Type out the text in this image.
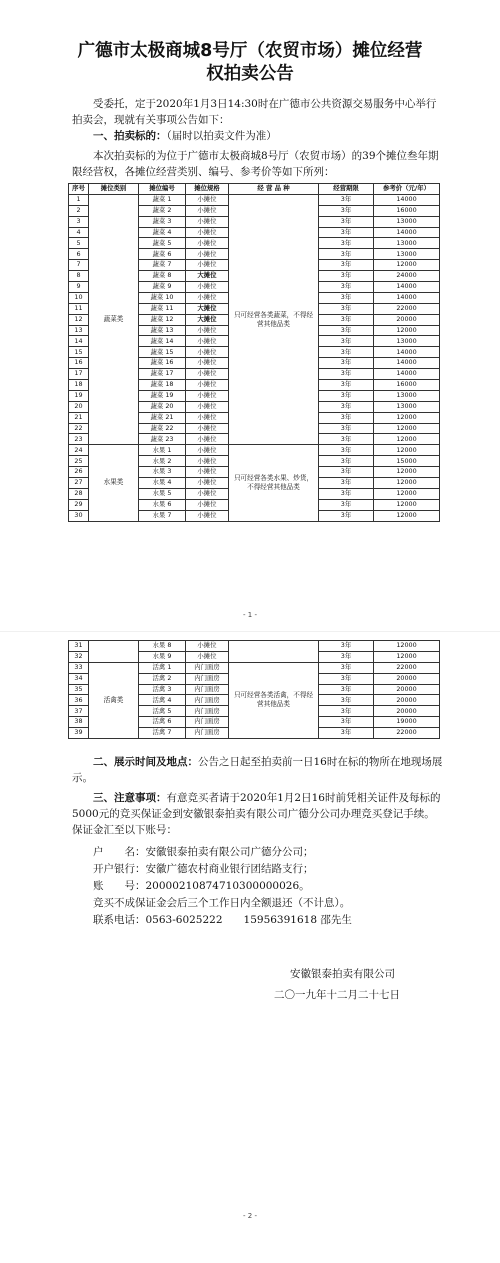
广德市太极商城8号厅（农贸市场）摊位经营
权拍卖公告

受委托，定于2020年1月3日14:30时在广德市公共资源交易服务中心举行拍卖会，现就有关事项公告如下：

一、拍卖标的：（届时以拍卖文件为准）

本次拍卖标的为位于广德市太极商城8号厅（农贸市场）的39个摊位叁年期限经营权，各摊位经营类别、编号、参考价等如下所列：

序号	摊位类别	摊位编号	摊位规格	经 营 品 种	经营期限	参考价（元/年）
1	蔬菜类	蔬菜 1	小摊位	只可经营各类蔬菜，不得经营其他品类	3年	14000
2		蔬菜 2	小摊位		3年	16000
3		蔬菜 3	小摊位		3年	13000
4		蔬菜 4	小摊位		3年	14000
5		蔬菜 5	小摊位		3年	13000
6		蔬菜 6	小摊位		3年	13000
7		蔬菜 7	小摊位		3年	12000
8		蔬菜 8	大摊位		3年	24000
9		蔬菜 9	小摊位		3年	14000
10		蔬菜 10	小摊位		3年	14000
11		蔬菜 11	大摊位		3年	22000
12		蔬菜 12	大摊位		3年	20000
13		蔬菜 13	小摊位		3年	12000
14		蔬菜 14	小摊位		3年	13000
15		蔬菜 15	小摊位		3年	14000
16		蔬菜 16	小摊位		3年	14000
17		蔬菜 17	小摊位		3年	14000
18		蔬菜 18	小摊位		3年	16000
19		蔬菜 19	小摊位		3年	13000
20		蔬菜 20	小摊位		3年	13000
21		蔬菜 21	小摊位		3年	12000
22		蔬菜 22	小摊位		3年	12000
23		蔬菜 23	小摊位		3年	12000
24	水果类	水果 1	小摊位	只可经营各类水果、炒货，不得经营其他品类	3年	12000
25		水果 2	小摊位		3年	15000
26		水果 3	小摊位		3年	12000
27		水果 4	小摊位		3年	12000
28		水果 5	小摊位		3年	12000
29		水果 6	小摊位		3年	12000
30		水果 7	小摊位		3年	12000
- 1 -
31		水果 8	小摊位		3年	12000
32		水果 9	小摊位		3年	12000
33	活禽类	活禽 1	内门面房	只可经营各类活禽，不得经营其他品类	3年	22000
34		活禽 2	内门面房		3年	20000
35		活禽 3	内门面房		3年	20000
36		活禽 4	内门面房		3年	20000
37		活禽 5	内门面房		3年	20000
38		活禽 6	内门面房		3年	19000
39		活禽 7	内门面房		3年	22000

二、展示时间及地点：公告之日起至拍卖前一日16时在标的物所在地现场展示。

三、注意事项：有意竞买者请于2020年1月2日16时前凭相关证件及每标的5000元的竞买保证金到安徽银泰拍卖有限公司广德分公司办理竞买登记手续。保证金汇至以下账号：

户　　名：安徽银泰拍卖有限公司广德分公司；

开户银行：安徽广德农村商业银行团结路支行；

账　　号：20000210874710300000026。

竞买不成保证金会后三个工作日内全额退还（不计息）。

联系电话：0563-6025222　　15956391618 邵先生

安徽银泰拍卖有限公司
二〇一九年十二月二十七日
- 2 -
